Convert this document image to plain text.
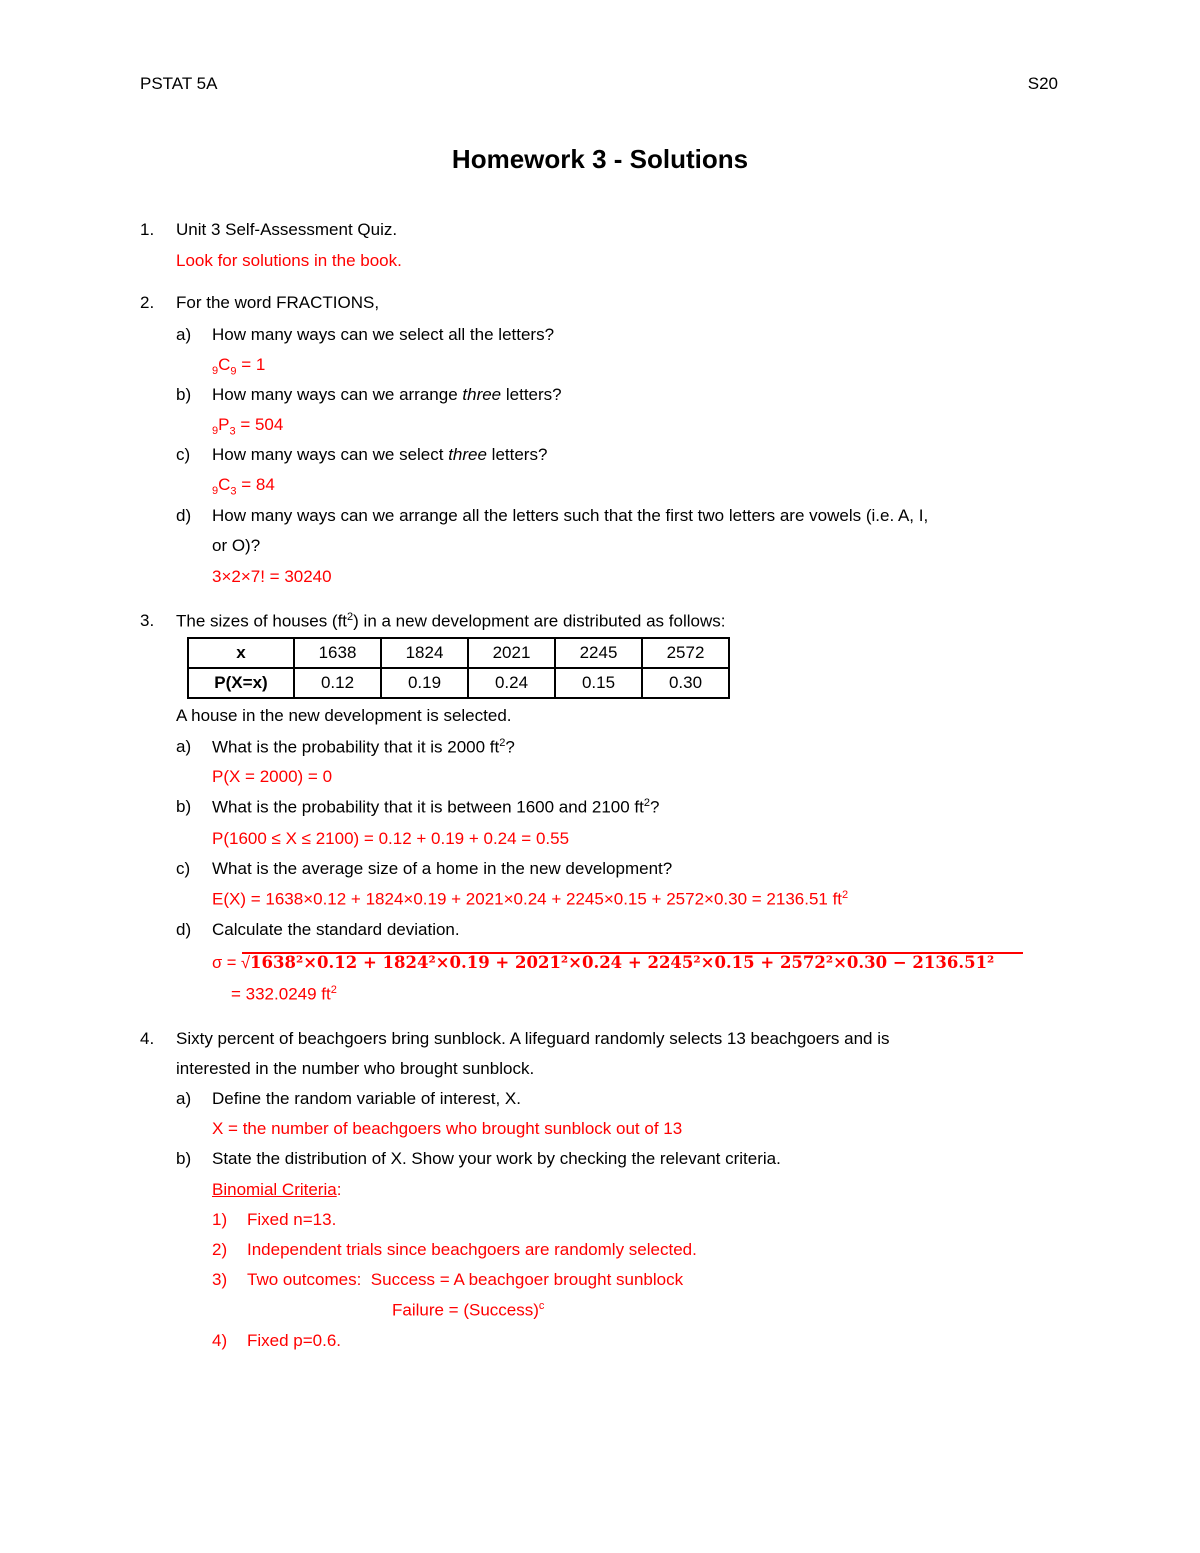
PSTAT 5A	S20
Homework 3 - Solutions
1. Unit 3 Self-Assessment Quiz.
Look for solutions in the book.
2. For the word FRACTIONS,
a) How many ways can we select all the letters?
$_9C_9 = 1$
b) How many ways can we arrange three letters?
$_9P_3 = 504$
c) How many ways can we select three letters?
$_9C_3 = 84$
d) How many ways can we arrange all the letters such that the first two letters are vowels (i.e. A, I,
or O)?
3×2×7! = 30240
3. The sizes of houses $(ft^2)$ in a new development are distributed as follows:
x	1638	1824	2021	2245	2572
P(X=x)	0.12	0.19	0.24	0.15	0.30
A house in the new development is selected.
a) What is the probability that it is 2000 $ft^2$?
P(X = 2000) = 0
b) What is the probability that it is between 1600 and 2100 $ft^2$?
P(1600 ≤ X ≤ 2100) = 0.12 + 0.19 + 0.24 = 0.55
c) What is the average size of a home in the new development?
E(X) = 1638×0.12 + 1824×0.19 + 2021×0.24 + 2245×0.15 + 2572×0.30 = 2136.51 $ft^2$
d) Calculate the standard deviation.
σ = √1638²×0.12 + 1824²×0.19 + 2021²×0.24 + 2245²×0.15 + 2572²×0.30 − 2136.51²
= 332.0249 $ft^2$
4. Sixty percent of beachgoers bring sunblock. A lifeguard randomly selects 13 beachgoers and is
interested in the number who brought sunblock.
a) Define the random variable of interest, X.
X = the number of beachgoers who brought sunblock out of 13
b) State the distribution of X. Show your work by checking the relevant criteria.
Binomial Criteria:
1) Fixed n=13.
2) Independent trials since beachgoers are randomly selected.
3) Two outcomes:  Success = A beachgoer brought sunblock
Failure = (Success)$^c$
4) Fixed p=0.6.
